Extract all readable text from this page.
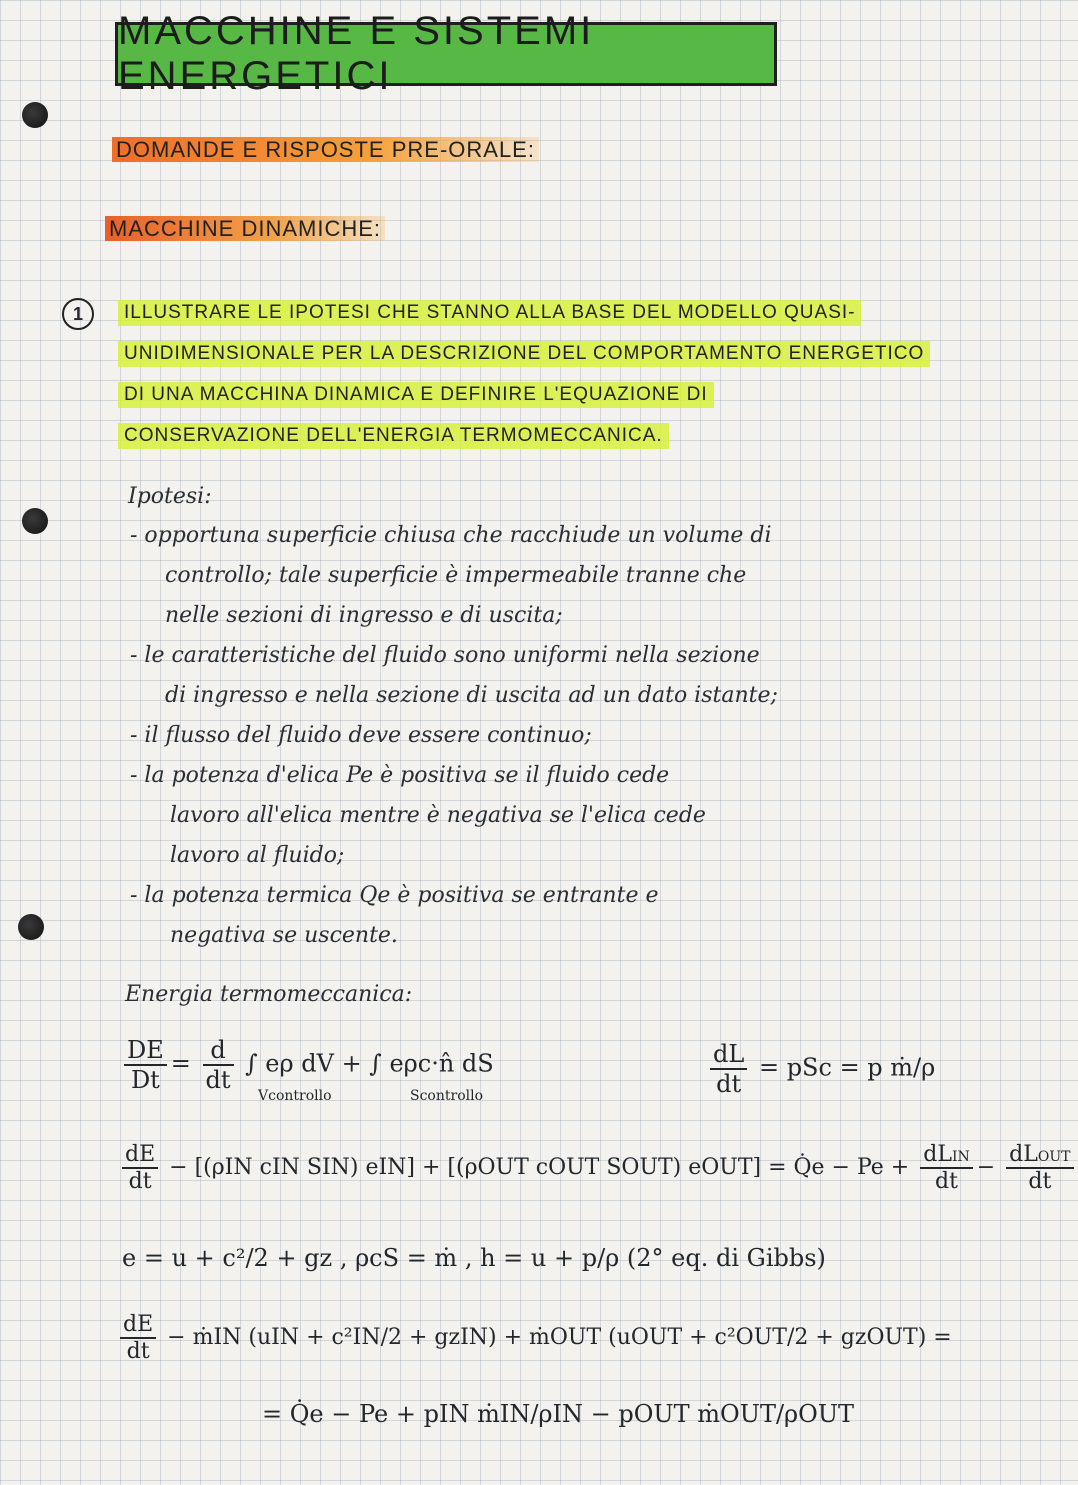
MACCHINE E SISTEMI ENERGETICI
DOMANDE E RISPOSTE PRE-ORALE:
MACCHINE DINAMICHE:
1	ILLUSTRARE LE IPOTESI CHE STANNO ALLA BASE DEL MODELLO QUASI-
UNIDIMENSIONALE PER LA DESCRIZIONE DEL COMPORTAMENTO ENERGETICO
DI UNA MACCHINA DINAMICA E DEFINIRE L'EQUAZIONE DI
CONSERVAZIONE DELL'ENERGIA TERMOMECCANICA.
Ipotesi:
- opportuna superficie chiusa che racchiude un volume di
controllo; tale superficie è impermeabile tranne che
nelle sezioni di ingresso e di uscita;
- le caratteristiche del fluido sono uniformi nella sezione
di ingresso e nella sezione di uscita ad un dato istante;
- il flusso del fluido deve essere continuo;
- la potenza d'elica Pe è positiva se il fluido cede
lavoro all'elica mentre è negativa se l'elica cede
lavoro al fluido;
- la potenza termica Qe è positiva se entrante e
negativa se uscente.
Energia termomeccanica:
$\frac{DE}{Dt} = \frac{d}{dt}$ ∫ eρ dV + ∫ eρc·n̂ dS
Vcontrollo	Scontrollo	$\frac{dL}{dt}$ = pSc = p ṁ/ρ
$\frac{dE}{dt} - [(\rho IN$ cIN SIN) eIN] + [(ρOUT cOUT SOUT) eOUT] = Q̇e − $Pe + \frac{\text{dLIN}}{dt} - \frac{\text{dLOUT}}{dt}$
e = u + c²/2 + gz , ρcS = ṁ , h = u + p/ρ (2° eq. di Gibbs)
$\frac{dE}{dt}$ − ṁIN (uIN + c²IN/2 + gzIN) + ṁOUT (uOUT + c²OUT/2 + gzOUT) =
= Q̇e − Pe + pIN ṁIN/ρIN − pOUT ṁOUT/ρOUT
